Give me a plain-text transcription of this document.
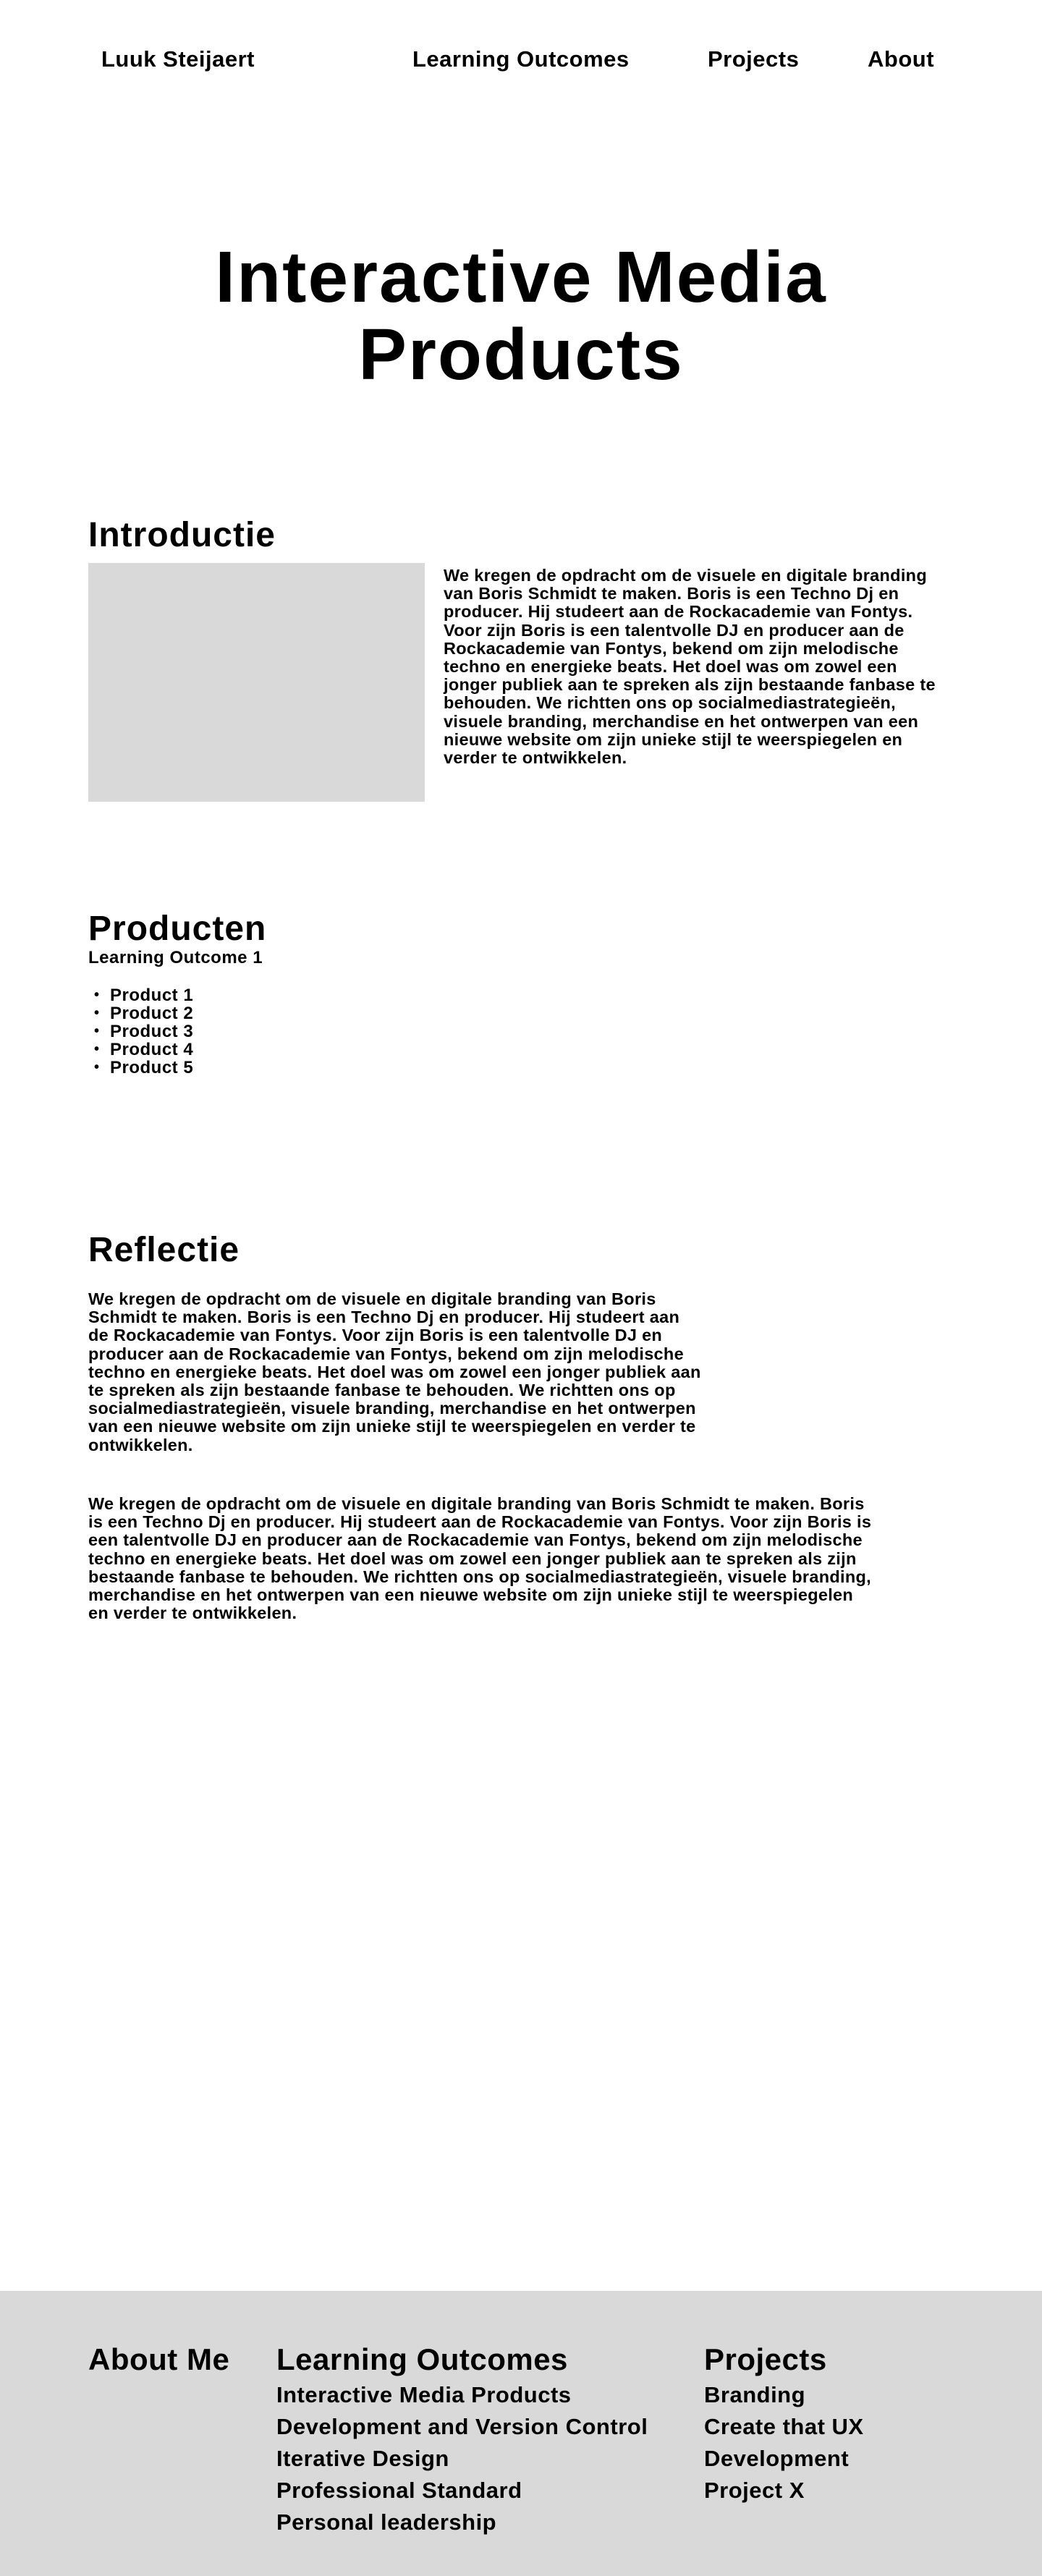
Luuk Steijaert	Learning Outcomes	Projects	About
Interactive Media
Products
Introductie

We kregen de opdracht om de visuele en digitale branding van Boris Schmidt te maken. Boris is een Techno Dj en producer. Hij studeert aan de Rockacademie van Fontys. Voor zijn Boris is een talentvolle DJ en producer aan de Rockacademie van Fontys, bekend om zijn melodische techno en energieke beats. Het doel was om zowel een jonger publiek aan te spreken als zijn bestaande fanbase te behouden. We richtten ons op socialmediastrategieën, visuele branding, merchandise en het ontwerpen van een nieuwe website om zijn unieke stijl te weerspiegelen en verder te ontwikkelen.

Producten
Learning Outcome 1
• Product 1
• Product 2
• Product 3
• Product 4
• Product 5
Reflectie

We kregen de opdracht om de visuele en digitale branding van Boris Schmidt te maken. Boris is een Techno Dj en producer. Hij studeert aan de Rockacademie van Fontys. Voor zijn Boris is een talentvolle DJ en producer aan de Rockacademie van Fontys, bekend om zijn melodische techno en energieke beats. Het doel was om zowel een jonger publiek aan te spreken als zijn bestaande fanbase te behouden. We richtten ons op socialmediastrategieën, visuele branding, merchandise en het ontwerpen van een nieuwe website om zijn unieke stijl te weerspiegelen en verder te ontwikkelen.

We kregen de opdracht om de visuele en digitale branding van Boris Schmidt te maken. Boris is een Techno Dj en producer. Hij studeert aan de Rockacademie van Fontys. Voor zijn Boris is een talentvolle DJ en producer aan de Rockacademie van Fontys, bekend om zijn melodische techno en energieke beats. Het doel was om zowel een jonger publiek aan te spreken als zijn bestaande fanbase te behouden. We richtten ons op socialmediastrategieën, visuele branding, merchandise en het ontwerpen van een nieuwe website om zijn unieke stijl te weerspiegelen en verder te ontwikkelen.

About Me Learning Outcomes
Interactive Media Products
Development and Version Control
Iterative Design
Professional Standard
Personal leadership
Projects
Branding
Create that UX
Development
Project X
